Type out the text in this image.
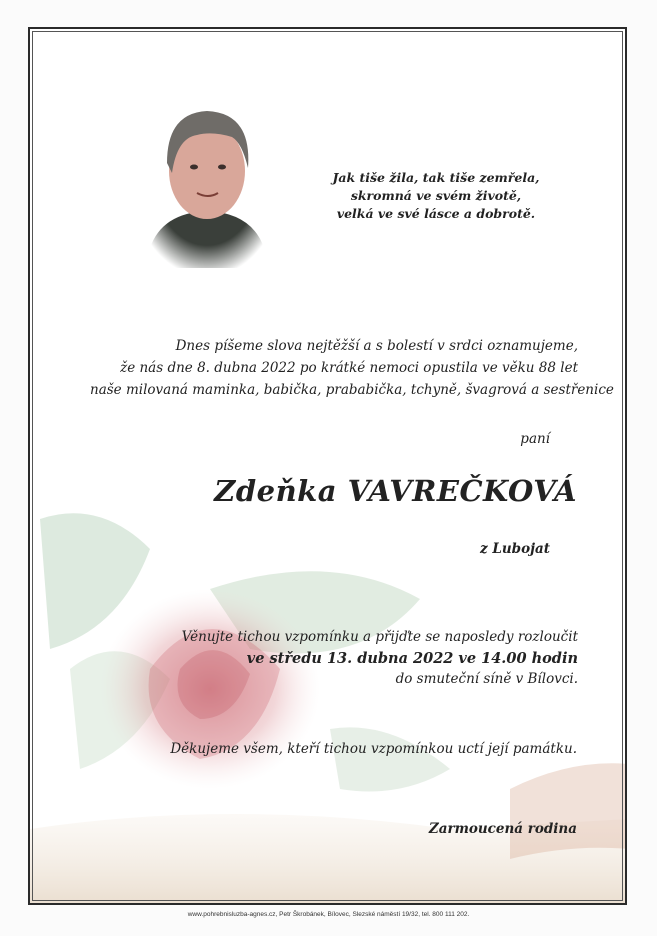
Jak tiše žila, tak tiše zemřela,
skromná ve svém životě,
velká ve své lásce a dobrotě.
Dnes píšeme slova nejtěžší a s bolestí v srdci oznamujeme,
že nás dne 8. dubna 2022 po krátké nemoci opustila ve věku 88 let
naše milovaná maminka, babička, prababička, tchyně, švagrová a sestřenice
paní
Zdeňka VAVREČKOVÁ
z Lubojat
Věnujte tichou vzpomínku a přijďte se naposledy rozloučit
ve středu 13. dubna 2022 ve 14.00 hodin
do smuteční síně v Bílovci.
Děkujeme všem, kteří tichou vzpomínkou uctí její památku.
Zarmoucená rodina
www.pohrebnisluzba-agnes.cz, Petr Škrobánek, Bílovec, Slezské náměstí 19/32, tel. 800 111 202.
